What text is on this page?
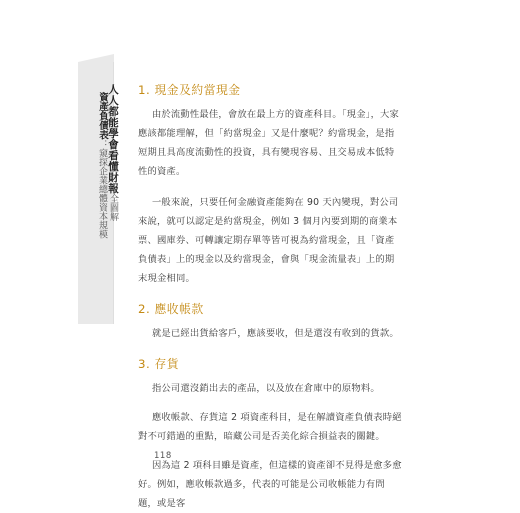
人人都能學會看懂財報全圖解
資產負債表：窺探企業總體資本規模
1. 現金及約當現金

由於流動性最佳，會放在最上方的資產科目。「現金」，大家應該都能理解，但「約當現金」又是什麼呢？約當現金，是指短期且具高度流動性的投資，具有變現容易、且交易成本低特性的資產。

一般來說，只要任何金融資產能夠在 90 天內變現，對公司來說，就可以認定是約當現金，例如 3 個月內要到期的商業本票、國庫券、可轉讓定期存單等皆可視為約當現金，且「資產負債表」上的現金以及約當現金，會與「現金流量表」上的期末現金相同。

2. 應收帳款

就是已經出貨給客戶，應該要收，但是還沒有收到的貨款。

3. 存貨

指公司還沒銷出去的產品，以及放在倉庫中的原物料。

應收帳款、存貨這 2 項資產科目，是在解讀資產負債表時絕對不可錯過的重點，暗藏公司是否美化綜合損益表的關鍵。

因為這 2 項科目雖是資產，但這樣的資產卻不見得是愈多愈好。例如，應收帳款過多，代表的可能是公司收帳能力有問題，或是客

118
